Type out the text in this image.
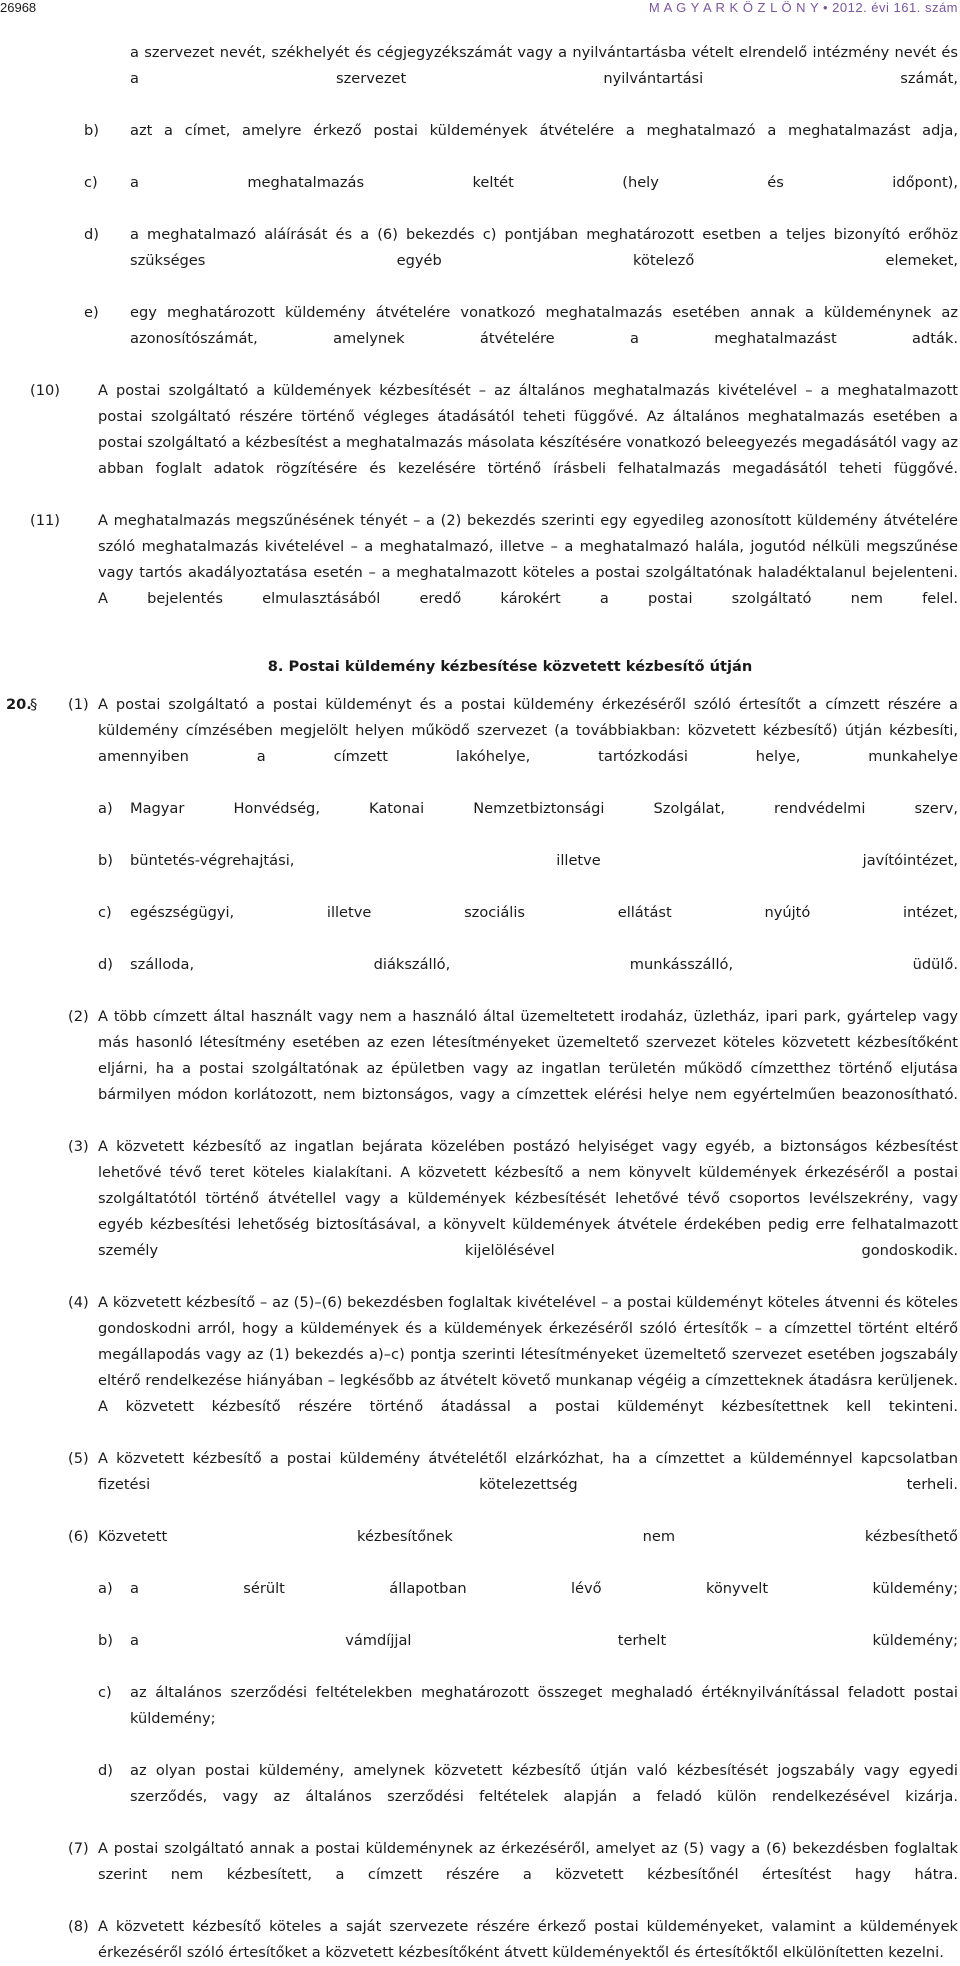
26968	M A G Y A R K Ö Z L Ö N Y • 2012. évi 161. szám
a szervezet nevét, székhelyét és cégjegyzékszámát vagy a nyilvántartásba vételt elrendelő intézmény nevét és a szervezet nyilvántartási számát,
b) azt a címet, amelyre érkező postai küldemények átvételére a meghatalmazó a meghatalmazást adja,
c) a meghatalmazás keltét (hely és időpont),
d) a meghatalmazó aláírását és a (6) bekezdés c) pontjában meghatározott esetben a teljes bizonyító erőhöz szükséges egyéb kötelező elemeket,
e) egy meghatározott küldemény átvételére vonatkozó meghatalmazás esetében annak a küldeménynek az azonosítószámát, amelynek átvételére a meghatalmazást adták.
(10)	A postai szolgáltató a küldemények kézbesítését – az általános meghatalmazás kivételével – a meghatalmazott postai szolgáltató részére történő végleges átadásától teheti függővé. Az általános meghatalmazás esetében a postai szolgáltató a kézbesítést a meghatalmazás másolata készítésére vonatkozó beleegyezés megadásától vagy az abban foglalt adatok rögzítésére és kezelésére történő írásbeli felhatalmazás megadásától teheti függővé.
(11)	A meghatalmazás megszűnésének tényét – a (2) bekezdés szerinti egy egyedileg azonosított küldemény átvételére szóló meghatalmazás kivételével – a meghatalmazó, illetve – a meghatalmazó halála, jogutód nélküli megszűnése vagy tartós akadályoztatása esetén – a meghatalmazott köteles a postai szolgáltatónak haladéktalanul bejelenteni. A bejelentés elmulasztásából eredő károkért a postai szolgáltató nem felel.
8. Postai küldemény kézbesítése közvetett kézbesítő útján
20.
§ (1) A postai szolgáltató a postai küldeményt és a postai küldemény érkezéséről szóló értesítőt a címzett részére a küldemény címzésében megjelölt helyen működő szervezet (a továbbiakban: közvetett kézbesítő) útján kézbesíti, amennyiben a címzett lakóhelye, tartózkodási helye, munkahelye
a) Magyar Honvédség, Katonai Nemzetbiztonsági Szolgálat, rendvédelmi szerv,
b) büntetés-végrehajtási, illetve javítóintézet,
c) egészségügyi, illetve szociális ellátást nyújtó intézet,
d) szálloda, diákszálló, munkásszálló, üdülő.
(2) A több címzett által használt vagy nem a használó által üzemeltetett irodaház, üzletház, ipari park, gyártelep vagy más hasonló létesítmény esetében az ezen létesítményeket üzemeltető szervezet köteles közvetett kézbesítőként eljárni, ha a postai szolgáltatónak az épületben vagy az ingatlan területén működő címzetthez történő eljutása bármilyen módon korlátozott, nem biztonságos, vagy a címzettek elérési helye nem egyértelműen beazonosítható.
(3) A közvetett kézbesítő az ingatlan bejárata közelében postázó helyiséget vagy egyéb, a biztonságos kézbesítést lehetővé tévő teret köteles kialakítani. A közvetett kézbesítő a nem könyvelt küldemények érkezéséről a postai szolgáltatótól történő átvétellel vagy a küldemények kézbesítését lehetővé tévő csoportos levélszekrény, vagy egyéb kézbesítési lehetőség biztosításával, a könyvelt küldemények átvétele érdekében pedig erre felhatalmazott személy kijelölésével gondoskodik.
(4) A közvetett kézbesítő – az (5)–(6) bekezdésben foglaltak kivételével – a postai küldeményt köteles átvenni és köteles gondoskodni arról, hogy a küldemények és a küldemények érkezéséről szóló értesítők – a címzettel történt eltérő megállapodás vagy az (1) bekezdés a)–c) pontja szerinti létesítményeket üzemeltető szervezet esetében jogszabály eltérő rendelkezése hiányában – legkésőbb az átvételt követő munkanap végéig a címzetteknek átadásra kerüljenek. A közvetett kézbesítő részére történő átadással a postai küldeményt kézbesítettnek kell tekinteni.
(5) A közvetett kézbesítő a postai küldemény átvételétől elzárkózhat, ha a címzettet a küldeménnyel kapcsolatban fizetési kötelezettség terheli.
(6) Közvetett kézbesítőnek nem kézbesíthető
a) a sérült állapotban lévő könyvelt küldemény;
b) a vámdíjjal terhelt küldemény;
c) az általános szerződési feltételekben meghatározott összeget meghaladó értéknyilvánítással feladott postai küldemény;
d) az olyan postai küldemény, amelynek közvetett kézbesítő útján való kézbesítését jogszabály vagy egyedi szerződés, vagy az általános szerződési feltételek alapján a feladó külön rendelkezésével kizárja.
(7) A postai szolgáltató annak a postai küldeménynek az érkezéséről, amelyet az (5) vagy a (6) bekezdésben foglaltak szerint nem kézbesített, a címzett részére a közvetett kézbesítőnél értesítést hagy hátra.
(8) A közvetett kézbesítő köteles a saját szervezete részére érkező postai küldeményeket, valamint a küldemények érkezéséről szóló értesítőket a közvetett kézbesítőként átvett küldeményektől és értesítőktől elkülönítetten kezelni.
